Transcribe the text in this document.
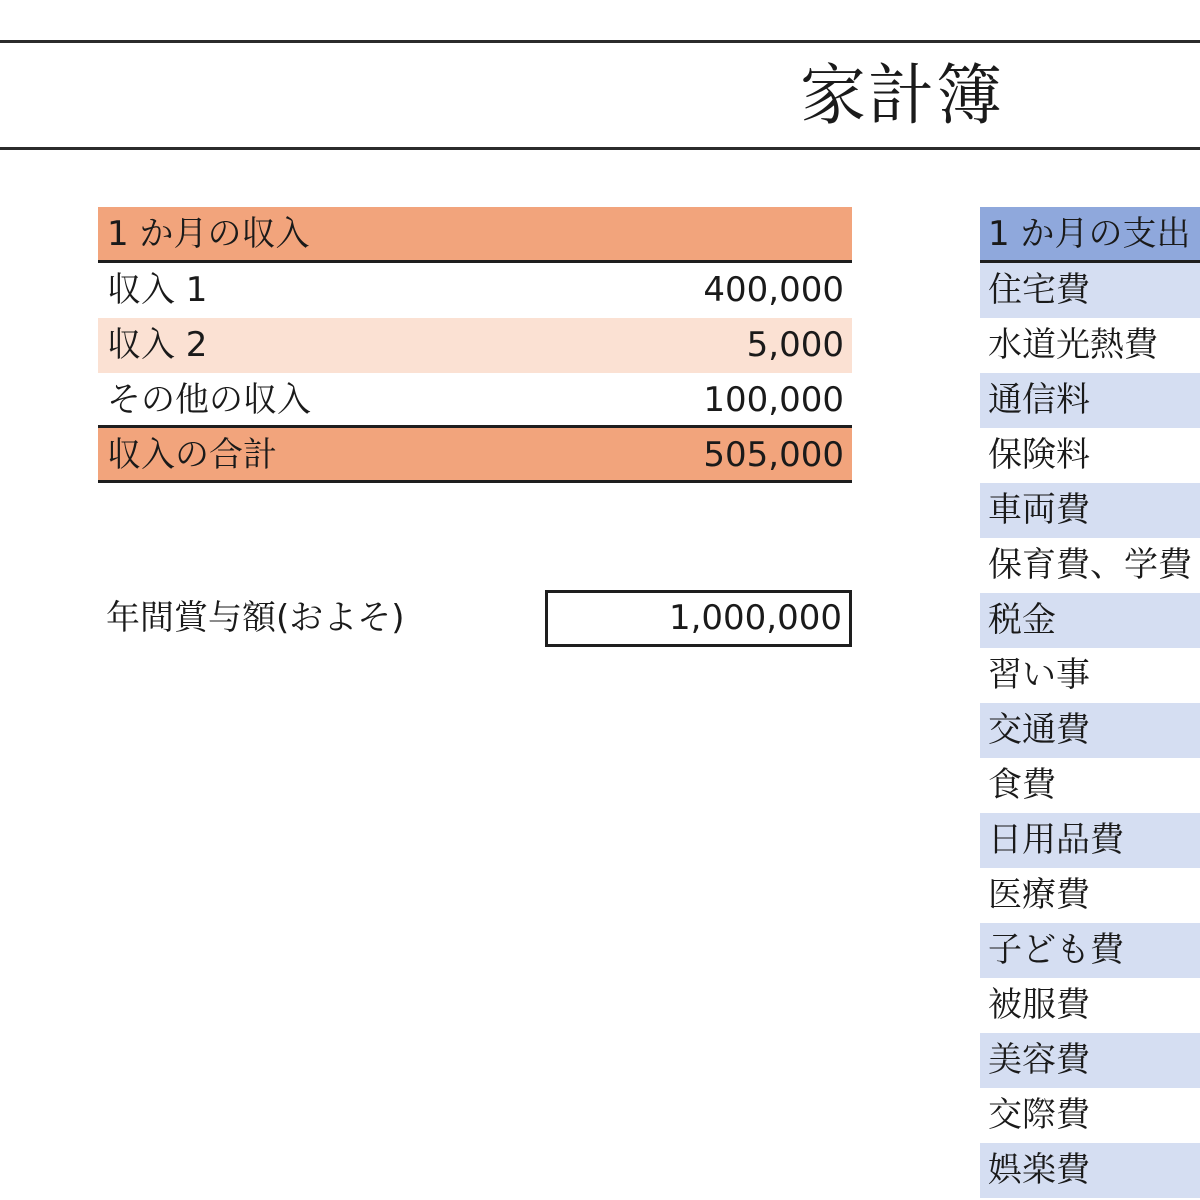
家計簿
1 か月の収入
収入 1	400,000
収入 2	5,000
その他の収入	100,000
収入の合計	505,000
年間賞与額(およそ)	1,000,000
1 か月の支出
住宅費
水道光熱費
通信料
保険料
車両費
保育費、学費
税金
習い事
交通費
食費
日用品費
医療費
子ども費
被服費
美容費
交際費
娯楽費
